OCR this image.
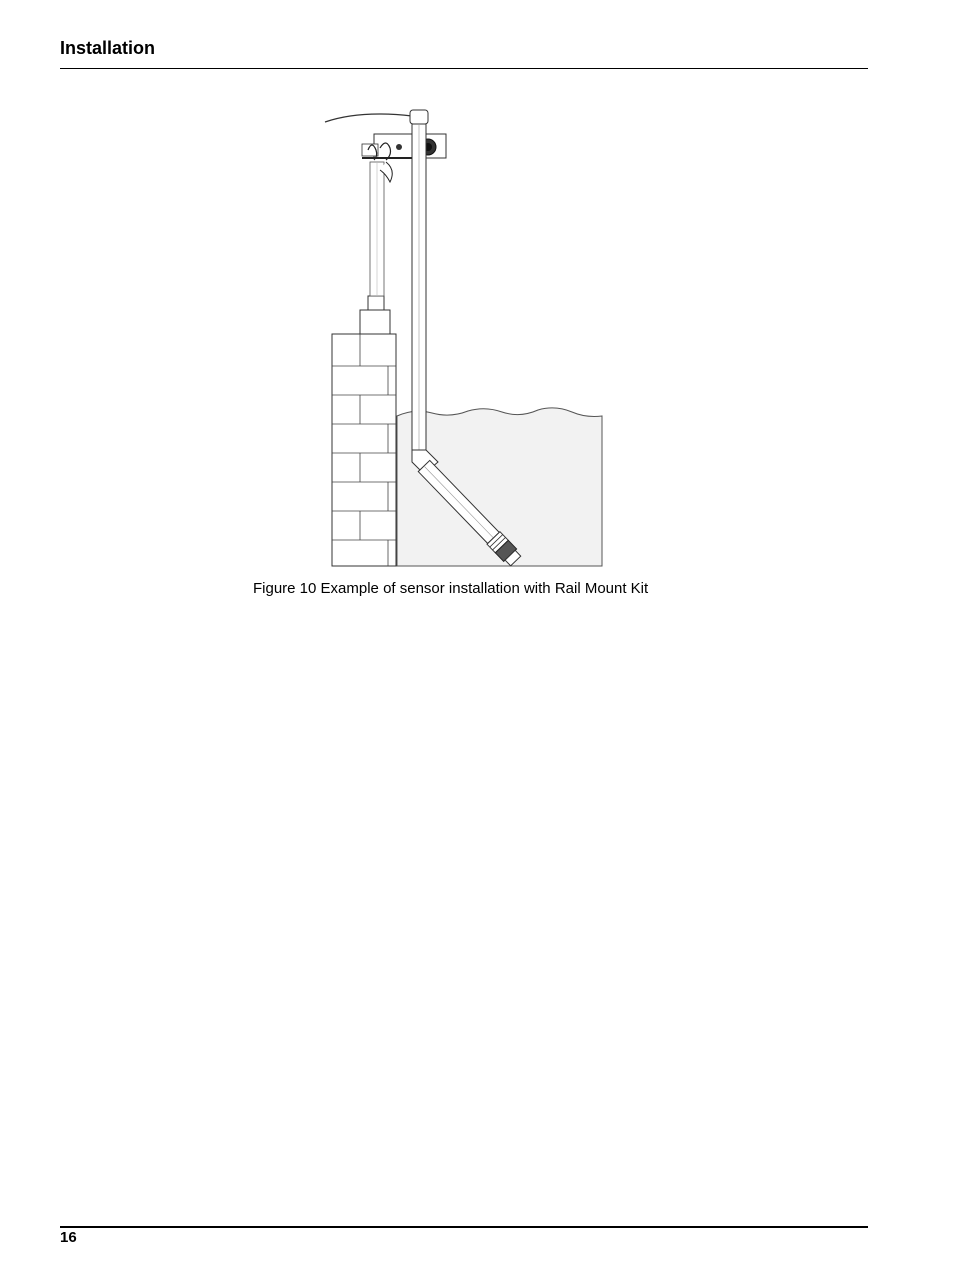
Installation
Figure 10 Example of sensor installation with Rail Mount Kit
16
